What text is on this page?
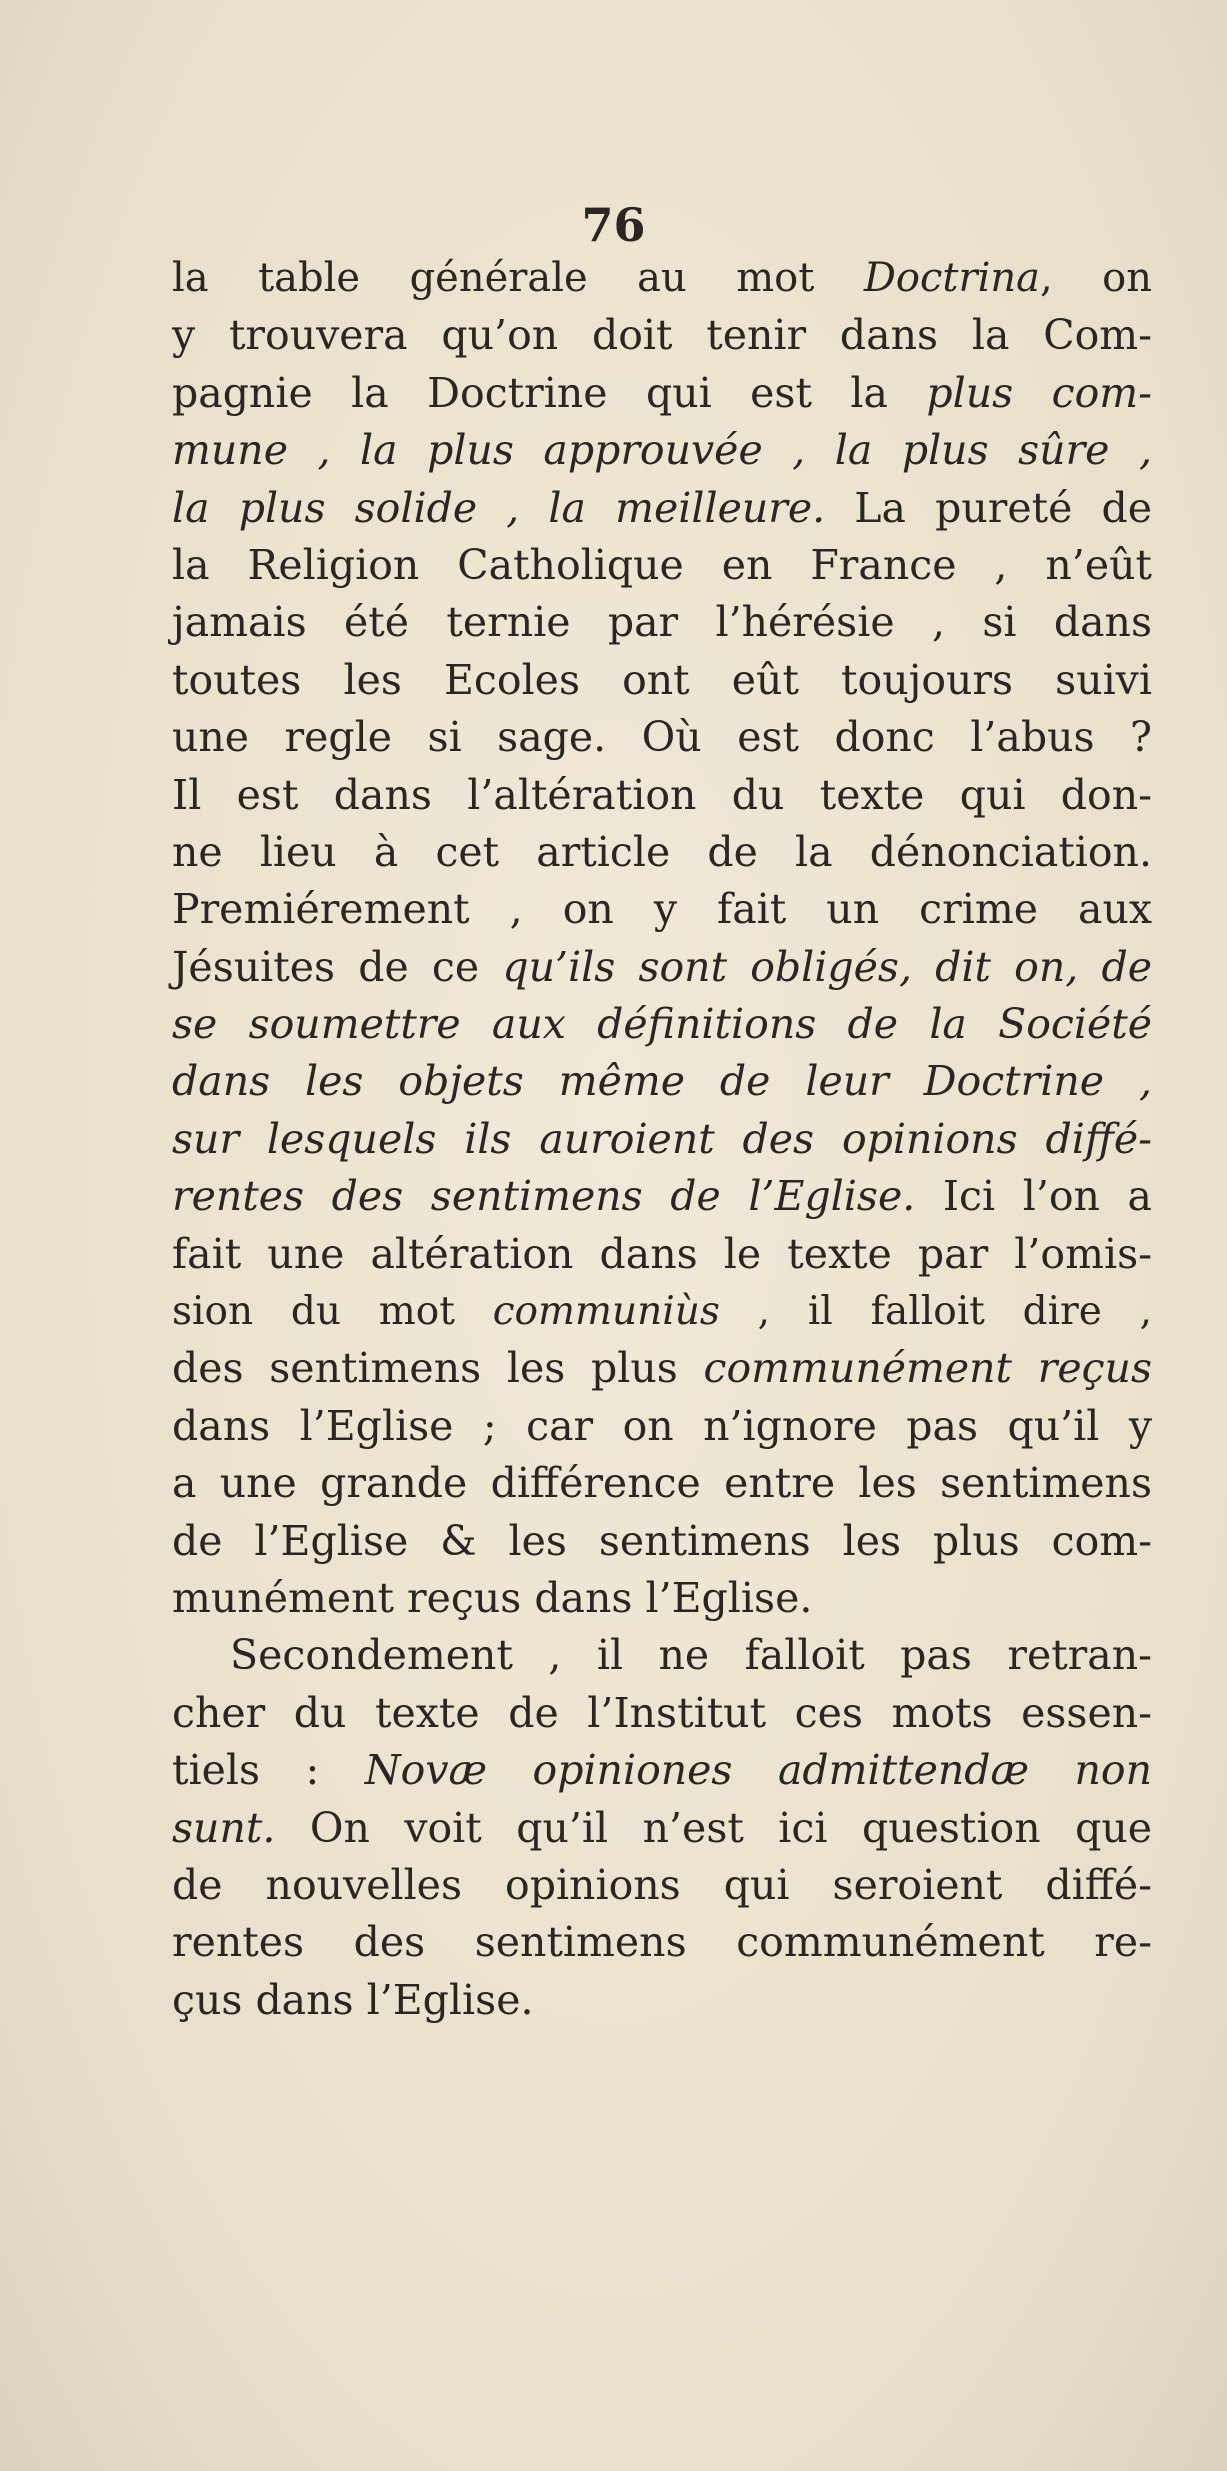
76
la table générale au mot Doctrina, on
y trouvera qu’on doit tenir dans la Com-
pagnie la Doctrine qui est la plus com-
mune , la plus approuvée , la plus sûre ,
la plus solide , la meilleure. La pureté de
la Religion Catholique en France , n’eût
jamais été ternie par l’hérésie , si dans
toutes les Ecoles ont eût toujours suivi
une regle si sage. Où est donc l’abus ?
Il est dans l’altération du texte qui don-
ne lieu à cet article de la dénonciation.
Premiérement , on y fait un crime aux
Jésuites de ce qu’ils sont obligés, dit on, de
se soumettre aux définitions de la Société
dans les objets même de leur Doctrine ,
sur lesquels ils auroient des opinions diffé-
rentes des sentimens de l’Eglise. Ici l’on a
fait une altération dans le texte par l’omis-
sion du mot communiùs , il falloit dire ,
des sentimens les plus communément reçus
dans l’Eglise ; car on n’ignore pas qu’il y
a une grande différence entre les sentimens
de l’Eglise & les sentimens les plus com-
munément reçus dans l’Eglise.
Secondement , il ne falloit pas retran-
cher du texte de l’Institut ces mots essen-
tiels : Novæ opiniones admittendæ non
sunt. On voit qu’il n’est ici question que
de nouvelles opinions qui seroient diffé-
rentes des sentimens communément re-
çus dans l’Eglise.
